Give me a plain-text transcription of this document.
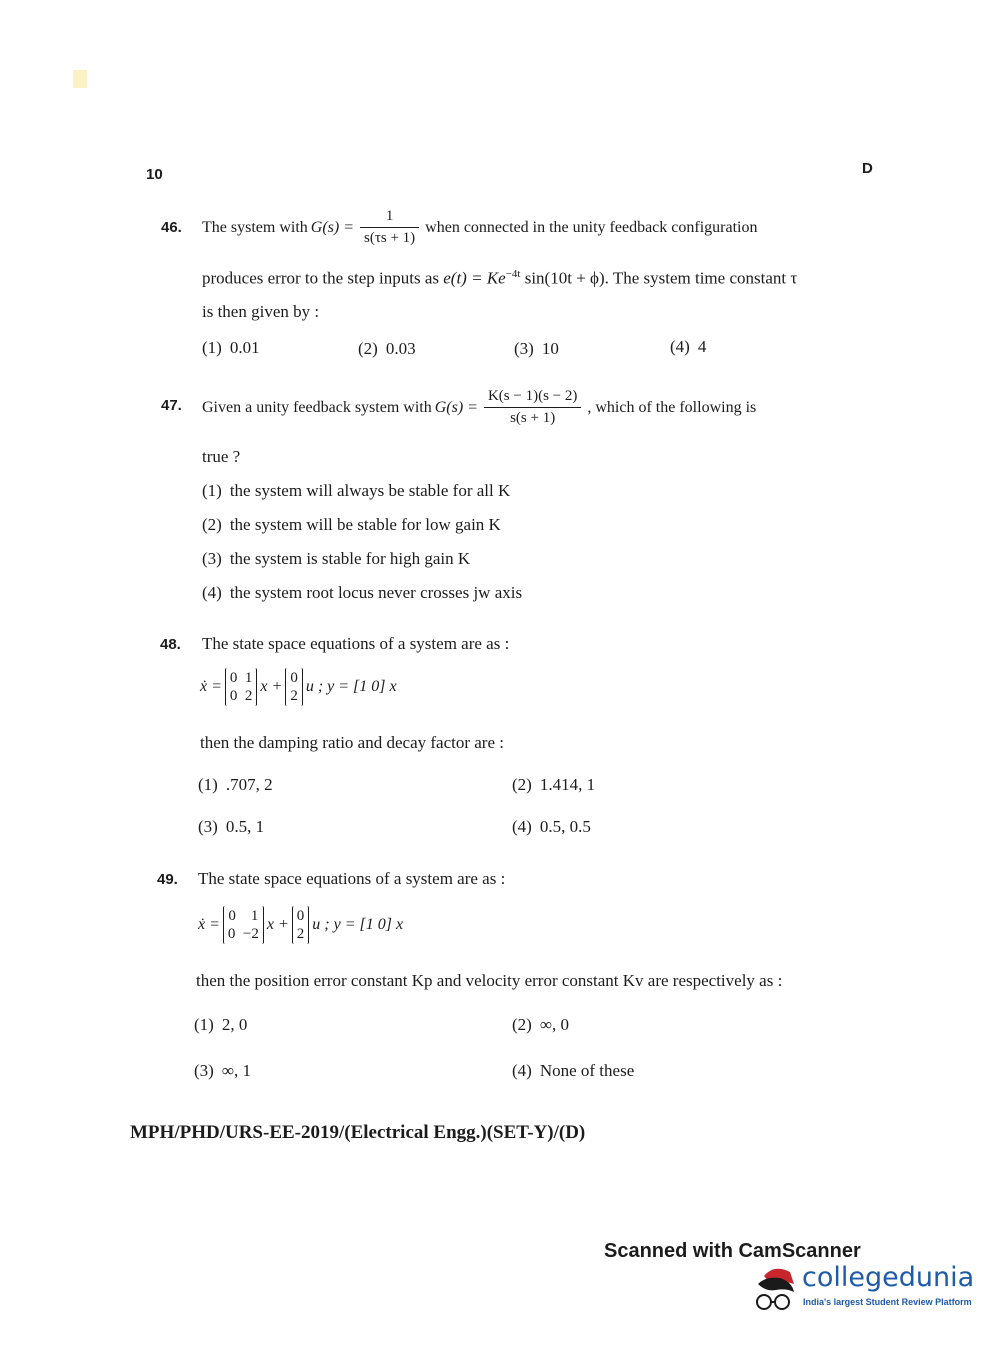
10	D
46. The system with $G(s) = \frac{1}{s(\tau s + 1)}$ when connected in the unity feedback configuration
produces error to the step inputs as $e(t) = Ke^{-4t}$ sin(10t + ϕ). The system time constant τ
is then given by :
(1) 0.01	(2) 0.03	(3) 10	(4) 4
47. Given a unity feedback system with $G(s) = \frac{K(s - 1)(s - 2)}{s(s + 1)}$ , which of the following is
true ?
(1) the system will always be stable for all K
(2) the system will be stable for low gain K
(3) the system is stable for high gain K
(4) the system root locus never crosses jw axis
48. The state space equations of a system are as :
ẋ = 0 1
0 2
x + 0
2
u ; y = [1 0] x
then the damping ratio and decay factor are :
(1) .707, 2	(2) 1.414, 1
(3) 0.5, 1	(4) 0.5, 0.5
49. The state space equations of a system are as :
ẋ = 0 1
0 −2
x + 0
2
u ; y = [1 0] x
then the position error constant Kp and velocity error constant Kv are respectively as :
(1) 2, 0	(2) ∞, 0
(3) ∞, 1	(4) None of these
MPH/PHD/URS-EE-2019/(Electrical Engg.)(SET-Y)/(D)
Scanned with CamScanner
collegedunia
India's largest Student Review Platform
